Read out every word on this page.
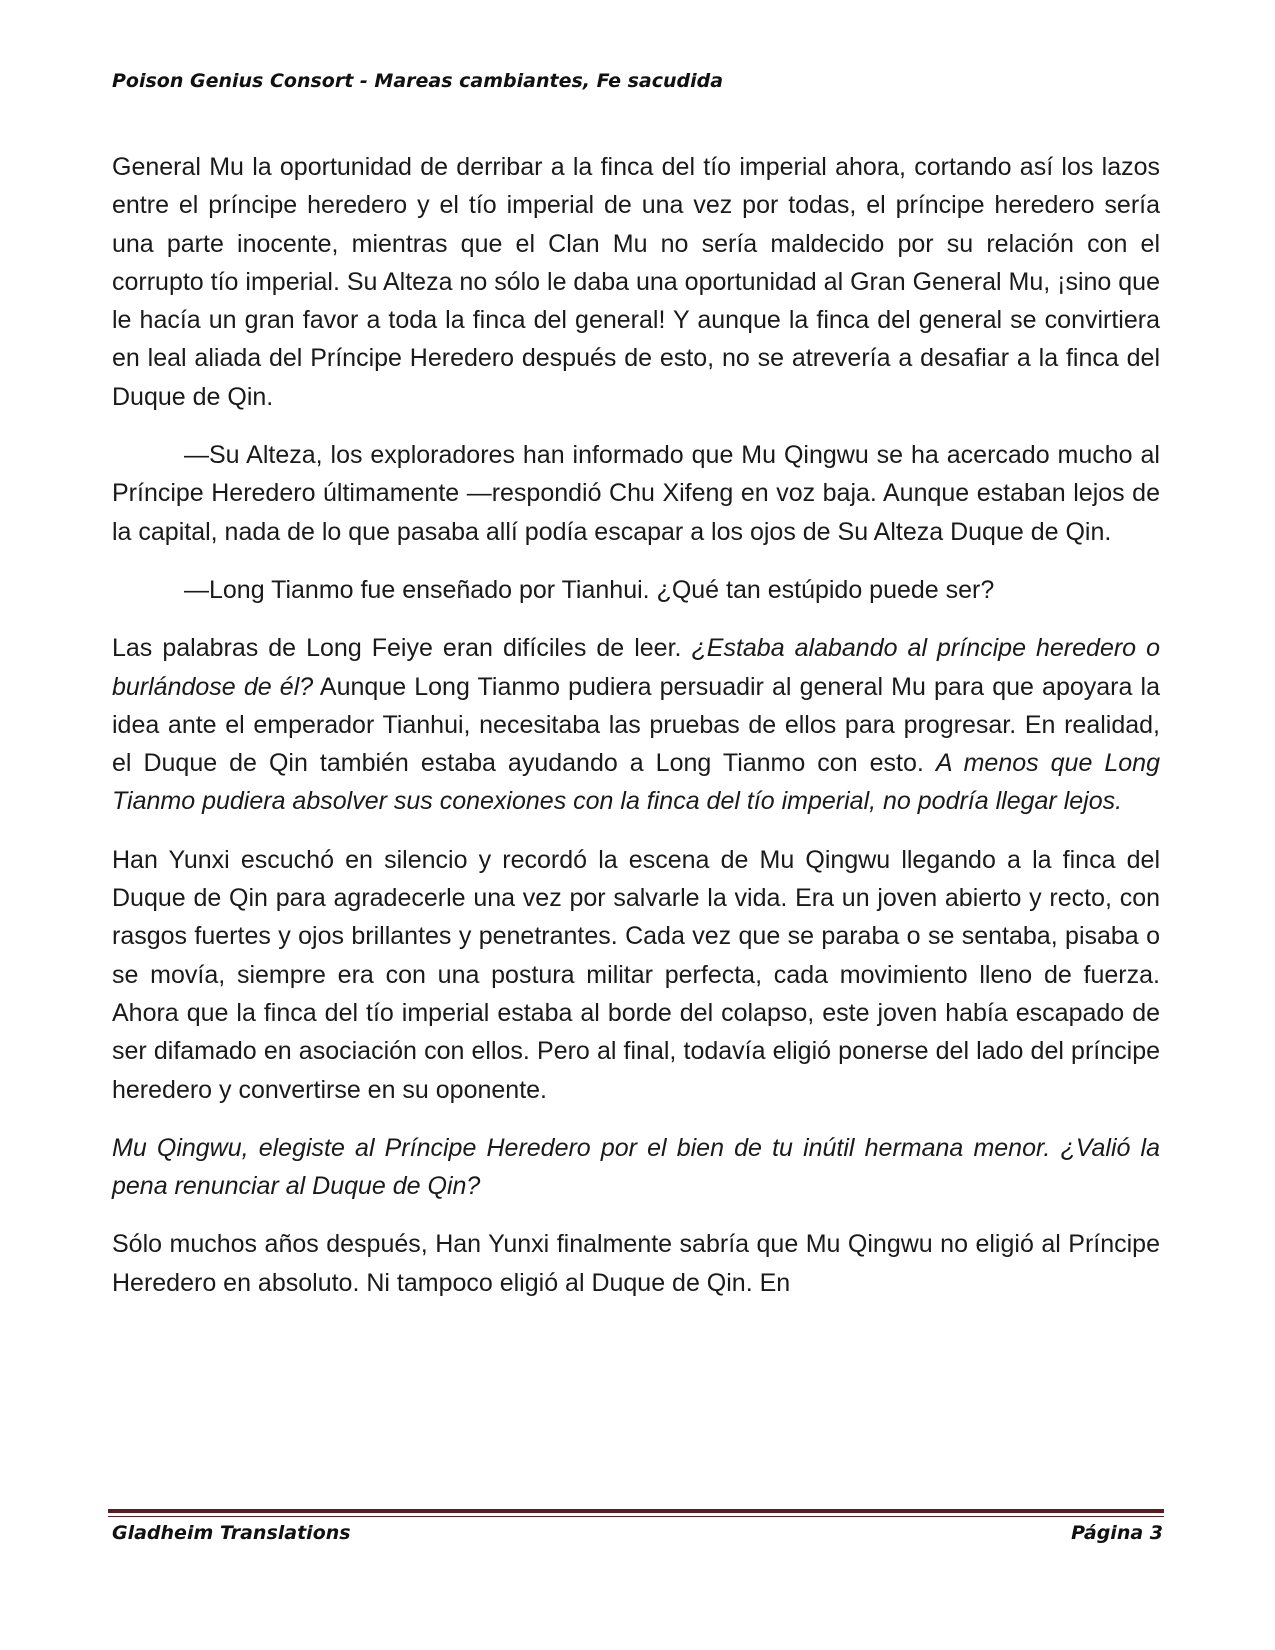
Poison Genius Consort - Mareas cambiantes, Fe sacudida

General Mu la oportunidad de derribar a la finca del tío imperial ahora, cortando así los lazos entre el príncipe heredero y el tío imperial de una vez por todas, el príncipe heredero sería una parte inocente, mientras que el Clan Mu no sería maldecido por su relación con el corrupto tío imperial. Su Alteza no sólo le daba una oportunidad al Gran General Mu, ¡sino que le hacía un gran favor a toda la finca del general! Y aunque la finca del general se convirtiera en leal aliada del Príncipe Heredero después de esto, no se atrevería a desafiar a la finca del Duque de Qin.

—Su Alteza, los exploradores han informado que Mu Qingwu se ha acercado mucho al Príncipe Heredero últimamente —respondió Chu Xifeng en voz baja. Aunque estaban lejos de la capital, nada de lo que pasaba allí podía escapar a los ojos de Su Alteza Duque de Qin.

—Long Tianmo fue enseñado por Tianhui. ¿Qué tan estúpido puede ser?

Las palabras de Long Feiye eran difíciles de leer. ¿Estaba alabando al príncipe heredero o burlándose de él? Aunque Long Tianmo pudiera persuadir al general Mu para que apoyara la idea ante el emperador Tianhui, necesitaba las pruebas de ellos para progresar. En realidad, el Duque de Qin también estaba ayudando a Long Tianmo con esto. A menos que Long Tianmo pudiera absolver sus conexiones con la finca del tío imperial, no podría llegar lejos.

Han Yunxi escuchó en silencio y recordó la escena de Mu Qingwu llegando a la finca del Duque de Qin para agradecerle una vez por salvarle la vida. Era un joven abierto y recto, con rasgos fuertes y ojos brillantes y penetrantes. Cada vez que se paraba o se sentaba, pisaba o se movía, siempre era con una postura militar perfecta, cada movimiento lleno de fuerza. Ahora que la finca del tío imperial estaba al borde del colapso, este joven había escapado de ser difamado en asociación con ellos. Pero al final, todavía eligió ponerse del lado del príncipe heredero y convertirse en su oponente.

Mu Qingwu, elegiste al Príncipe Heredero por el bien de tu inútil hermana menor. ¿Valió la pena renunciar al Duque de Qin?

Sólo muchos años después, Han Yunxi finalmente sabría que Mu Qingwu no eligió al Príncipe Heredero en absoluto. Ni tampoco eligió al Duque de Qin. En

Gladheim Translations	Página 3
